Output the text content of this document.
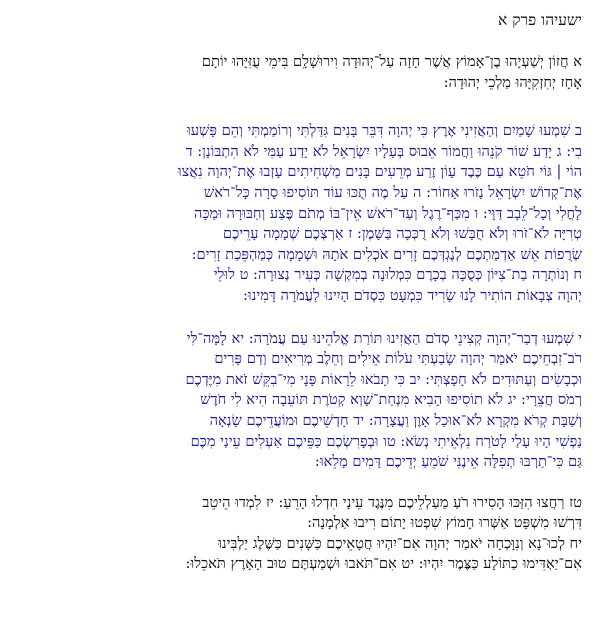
ישעיהו פרק א
א חֲזוֹן יְשַׁעְיָהוּ בֶן־אָמוֹץ אֲשֶׁר חָזָה עַל־יְהוּדָה וִירוּשָׁלִָם בִּימֵי עֻזִּיָּהוּ יוֹתָם
אָחָז יְחִזְקִיָּהוּ מַלְכֵי יְהוּדָה:
ב שִׁמְעוּ שָׁמַיִם וְהַאֲזִינִי אֶרֶץ כִּי יְהוָה דִּבֵּר בָּנִים גִּדַּלְתִּי וְרוֹמַמְתִּי וְהֵם פָּשְׁעוּ
בִי: ג יָדַע שׁוֹר קֹנֵהוּ וַחֲמוֹר אֵבוּס בְּעָלָיו יִשְׂרָאֵל לֹא יָדַע עַמִּי לֹא הִתְבּוֹנָן: ד
הוֹי | גּוֹי חֹטֵא עַם כֶּבֶד עָוֹן זֶרַע מְרֵעִים בָּנִים מַשְׁחִיתִים עָזְבוּ אֶת־יְהוָה נִאֲצוּ
אֶת־קְדוֹשׁ יִשְׂרָאֵל נָזֹרוּ אָחוֹר: ה עַל מֶה תֻכּוּ עוֹד תּוֹסִיפוּ סָרָה כָּל־רֹאשׁ
לָחֳלִי וְכָל־לֵבָב דַּוָּי: ו מִכַּף־רֶגֶל וְעַד־רֹאשׁ אֵין־בּוֹ מְתֹם פֶּצַע וְחַבּוּרָה וּמַכָּה
טְרִיָּה לֹא־זֹרוּ וְלֹא חֻבָּשׁוּ וְלֹא רֻכְּכָה בַּשָּׁמֶן: ז אַרְצְכֶם שְׁמָמָה עָרֵיכֶם
שְׂרֻפוֹת אֵשׁ אַדְמַתְכֶם לְנֶגְדְּכֶם זָרִים אֹכְלִים אֹתָהּ וּשְׁמָמָה כְּמַהְפֵּכַת זָרִים:
ח וְנוֹתְרָה בַת־צִיּוֹן כְּסֻכָּה בְכָרֶם כִּמְלוּנָה בְמִקְשָׁה כְּעִיר נְצוּרָה: ט לוּלֵי
יְהוָה צְבָאוֹת הוֹתִיר לָנוּ שָׂרִיד כִּמְעָט כִּסְדֹם הָיִינוּ לַעֲמֹרָה דָּמִינוּ:
י שִׁמְעוּ דְבַר־יְהוָה קְצִינֵי סְדֹם הַאֲזִינוּ תּוֹרַת אֱלֹהֵינוּ עַם עֲמֹרָה: יא לָמָּה־לִּי
רֹב־זִבְחֵיכֶם יֹאמַר יְהוָה שָׂבַעְתִּי עֹלוֹת אֵילִים וְחֵלֶב מְרִיאִים וְדַם פָּרִים
וּכְבָשִׂים וְעַתּוּדִים לֹא חָפָצְתִּי: יב כִּי תָבֹאוּ לֵרָאוֹת פָּנָי מִי־בִקֵּשׁ זֹאת מִיֶּדְכֶם
רְמֹס חֲצֵרָי: יג לֹא תוֹסִיפוּ הָבִיא מִנְחַת־שָׁוְא קְטֹרֶת תּוֹעֵבָה הִיא לִי חֹדֶשׁ
וְשַׁבָּת קְרֹא מִקְרָא לֹא־אוּכַל אָוֶן וַעֲצָרָה: יד חָדְשֵׁיכֶם וּמוֹעֲדֵיכֶם שָׂנְאָה
נַפְשִׁי הָיוּ עָלַי לָטֹרַח נִלְאֵיתִי נְשֹׂא: טו וּבְפָרִשְׂכֶם כַּפֵּיכֶם אַעְלִים עֵינַי מִכֶּם
גַּם כִּי־תַרְבּוּ תְפִלָּה אֵינֶנִּי שֹׁמֵעַ יְדֵיכֶם דָּמִים מָלֵאוּ:
טז רַחֲצוּ הִזַּכּוּ הָסִירוּ רֹעַ מַעַלְלֵיכֶם מִנֶּגֶד עֵינָי חִדְלוּ הָרֵעַ: יז לִמְדוּ הֵיטֵב
דִּרְשׁוּ מִשְׁפָּט אַשְּׁרוּ חָמוֹץ שִׁפְטוּ יָתוֹם רִיבוּ אַלְמָנָה:
יח לְכוּ־נָא וְנִוָּכְחָה יֹאמַר יְהוָה אִם־יִהְיוּ חֲטָאֵיכֶם כַּשָּׁנִים כַּשֶּׁלֶג יַלְבִּינוּ
אִם־יַאְדִּימוּ כַתּוֹלָע כַּצֶּמֶר יִהְיוּ: יט אִם־תֹּאבוּ וּשְׁמַעְתֶּם טוּב הָאָרֶץ תֹּאכֵלוּ:
